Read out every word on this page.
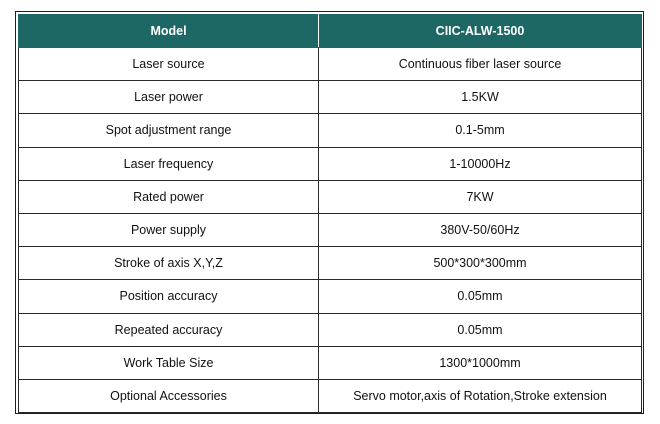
Model	CIIC-ALW-1500
Laser source	Continuous fiber laser source
Laser power	1.5KW
Spot adjustment range	0.1-5mm
Laser frequency	1-10000Hz
Rated power	7KW
Power supply	380V-50/60Hz
Stroke of axis X,Y,Z	500*300*300mm
Position accuracy	0.05mm
Repeated accuracy	0.05mm
Work Table Size	1300*1000mm
Optional Accessories	Servo motor,axis of Rotation,Stroke extension
